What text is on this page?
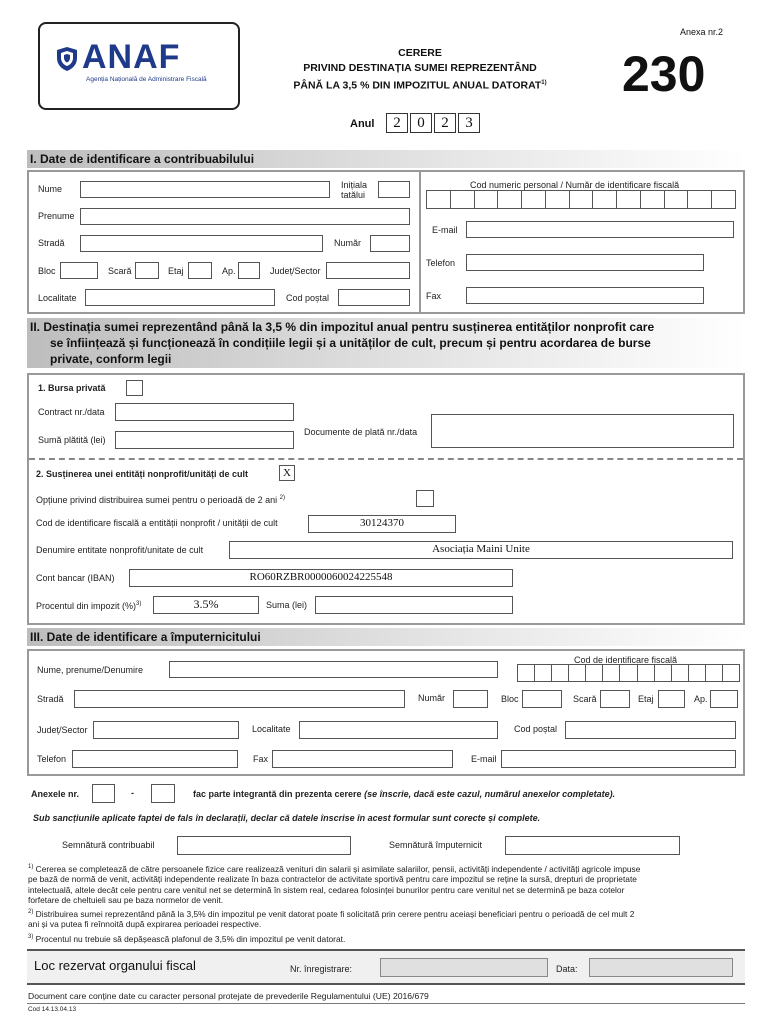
ANAF
Agenția Națională de Administrare Fiscală
Anexa nr.2
230
CERERE
PRIVIND DESTINAȚIA SUMEI REPREZENTÂND
PÂNĂ LA 3,5 % DIN IMPOZITUL ANUAL DATORAT$^{1)}$
Anul	2	0	2	3
I. Date de identificare a contribuabilului
Nume	Inițiala
tatălui
Prenume
Stradă	Număr
Bloc	Scară	Etaj	Ap.	Județ/Sector
Localitate	Cod poștal
Cod numeric personal / Număr de identificare fiscală
E-mail
Telefon
Fax
II. Destinația sumei reprezentând până la 3,5 % din impozitul anual pentru susținerea entităților nonprofit care
se înființează și funcționează în condițiile legii și a unităților de cult, precum și pentru acordarea de burse
private, conform legii
1. Bursa privată
Contract nr./data
Sumă plătită (lei)
Documente de plată nr./data
2. Susținerea unei entități nonprofit/unități de cult	X
Opțiune privind distribuirea sumei pentru o perioadă de 2 ani $^{2)}$
Cod de identificare fiscală a entității nonprofit / unității de cult	30124370
Denumire entitate nonprofit/unitate de cult	Asociația Maini Unite
Cont bancar (IBAN)	RO60RZBR0000060024225548
Procentul din impozit (%)$^{3)}$	3.5%	Suma (lei)
III. Date de identificare a împuternicitului
Nume, prenume/Denumire
Cod de identificare fiscală
Stradă	Număr	Bloc	Scară	Etaj	Ap.
Județ/Sector	Localitate	Cod poștal
Telefon	Fax	E-mail
Anexele nr.	-	fac parte integrantă din prezenta cerere (se înscrie, dacă este cazul, numărul anexelor completate).
Sub sancțiunile aplicate faptei de fals în declarații, declar că datele înscrise în acest formular sunt corecte și complete.
Semnătură contribuabil	Semnătură împuternicit
$^{1)}$ Cererea se completează de către persoanele fizice care realizează venituri din salarii și asimilate salariilor, pensii, activități independente / activități agricole impuse
pe bază de normă de venit, activități independente realizate în baza contractelor de activitate sportivă pentru care impozitul se reține la sursă, drepturi de proprietate
intelectuală, altele decât cele pentru care venitul net se determină în sistem real, cedarea folosinței bunurilor pentru care venitul net se determină pe baza cotelor
forfetare de cheltuieli sau pe baza normelor de venit.
$^{2)}$ Distribuirea sumei reprezentând până la 3,5% din impozitul pe venit datorat poate fi solicitată prin cerere pentru aceiași beneficiari pentru o perioadă de cel mult 2
ani și va putea fi reînnoită după expirarea perioadei respective.
$^{3)}$ Procentul nu trebuie să depășească plafonul de 3,5% din impozitul pe venit datorat.
Loc rezervat organului fiscal	Nr. înregistrare:	Data:
Document care conține date cu caracter personal protejate de prevederile Regulamentului (UE) 2016/679
Cod 14.13.04.13
